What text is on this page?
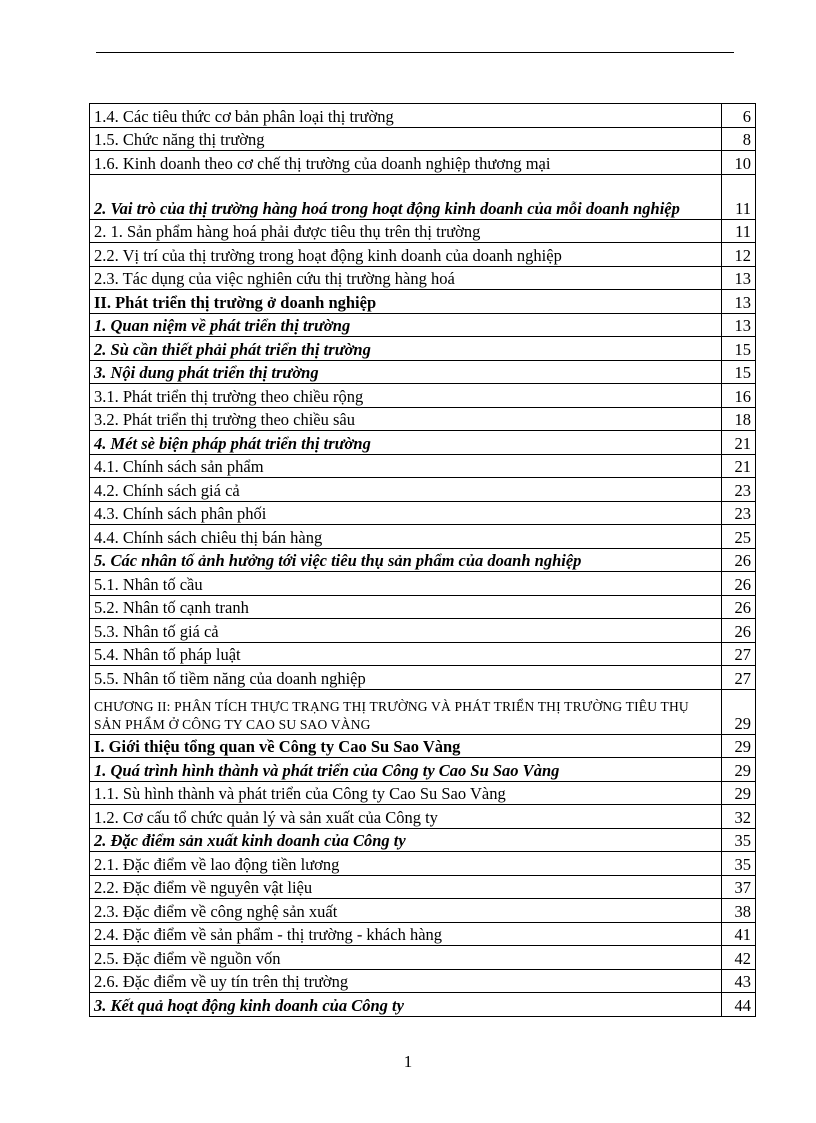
1.4. Các tiêu thức cơ bản phân loại thị trường	6
1.5. Chức năng thị trường	8
1.6. Kinh doanh theo cơ chế thị trường của doanh nghiệp thương mại	10
2. Vai trò của thị trường hàng hoá trong hoạt động kinh doanh của mỗi doanh nghiệp	11
2. 1. Sản phẩm hàng hoá phải được tiêu thụ trên thị trường	11
2.2. Vị trí của thị trường trong hoạt động kinh doanh của doanh nghiệp	12
2.3. Tác dụng của việc nghiên cứu thị trường hàng hoá	13
II. Phát triển thị trường ở doanh nghiệp	13
1. Quan niệm về phát triển thị trường	13
2. Sù cần thiết phải phát triển thị trường	15
3. Nội dung phát triển thị trường	15
3.1. Phát triển thị trường theo chiều rộng	16
3.2. Phát triển thị trường theo chiều sâu	18
4. Mét sè biện pháp phát triển thị trường	21
4.1. Chính sách sản phẩm	21
4.2. Chính sách giá cả	23
4.3. Chính sách phân phối	23
4.4. Chính sách chiêu thị bán hàng	25
5. Các nhân tố ảnh hưởng tới việc tiêu thụ sản phẩm của doanh nghiệp	26
5.1. Nhân tố cầu	26
5.2. Nhân tố cạnh tranh	26
5.3. Nhân tố giá cả	26
5.4. Nhân tố pháp luật	27
5.5. Nhân tố tiềm năng của doanh nghiệp	27
CHƯƠNG II: PHÂN TÍCH THỰC TRẠNG THỊ TRƯỜNG VÀ PHÁT TRIỂN THỊ TRƯỜNG TIÊU THỤ SẢN PHẨM Ở CÔNG TY CAO SU SAO VÀNG	29
I. Giới thiệu tổng quan về Công ty Cao Su Sao Vàng	29
1. Quá trình hình thành và phát triển của Công ty Cao Su Sao Vàng	29
1.1. Sù hình thành và phát triển của Công ty Cao Su Sao Vàng	29
1.2. Cơ cấu tổ chức quản lý và sản xuất của Công ty	32
2. Đặc điểm sản xuất kinh doanh của Công ty	35
2.1. Đặc điểm về lao động tiền lương	35
2.2. Đặc điểm về nguyên vật liệu	37
2.3. Đặc điểm về công nghệ sản xuất	38
2.4. Đặc điểm về sản phẩm - thị trường - khách hàng	41
2.5. Đặc điểm về nguồn vốn	42
2.6. Đặc điểm về uy tín trên thị trường	43
3. Kết quả hoạt động kinh doanh của Công ty	44
1
